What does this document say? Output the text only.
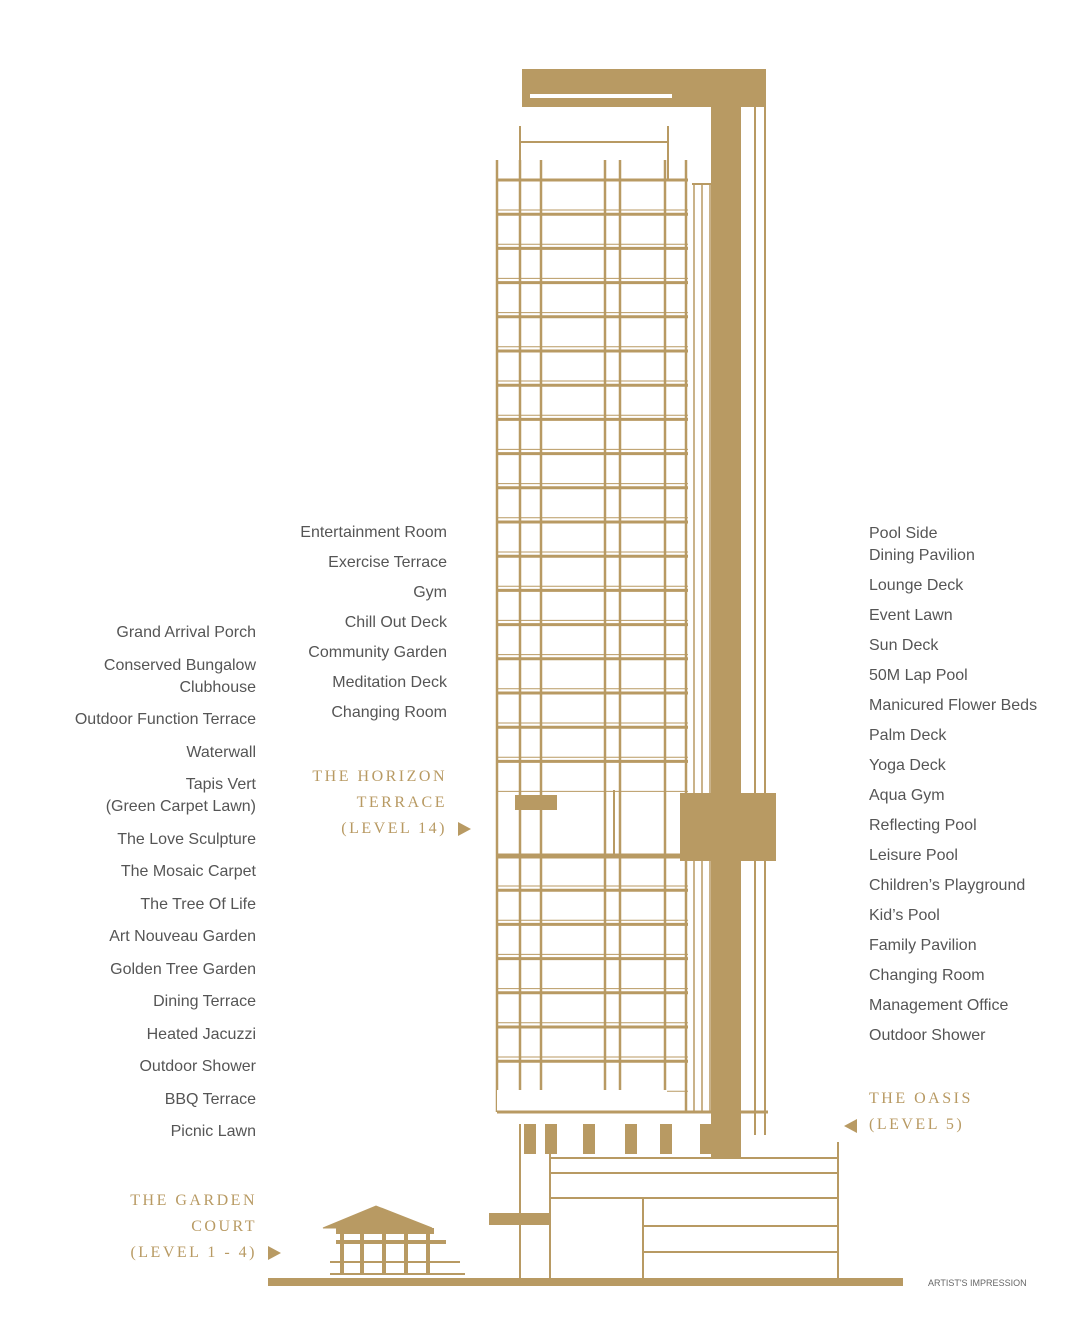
Entertainment Room
Exercise Terrace
Gym
Chill Out Deck
Community Garden
Meditation Deck
Changing Room
Grand Arrival Porch
Conserved Bungalow
Clubhouse
Outdoor Function Terrace
Waterwall
Tapis Vert
(Green Carpet Lawn)
The Love Sculpture
The Mosaic Carpet
The Tree Of Life
Art Nouveau Garden
Golden Tree Garden
Dining Terrace
Heated Jacuzzi
Outdoor Shower
BBQ Terrace
Picnic Lawn
Pool Side
Dining Pavilion
Lounge Deck
Event Lawn
Sun Deck
50M Lap Pool
Manicured Flower Beds
Palm Deck
Yoga Deck
Aqua Gym
Reflecting Pool
Leisure Pool
Children’s Playground
Kid’s Pool
Family Pavilion
Changing Room
Management Office
Outdoor Shower
THE HORIZON
TERRACE
(LEVEL 14)
THE OASIS
(LEVEL 5)
THE GARDEN
COURT
(LEVEL 1 - 4)
ARTIST'S IMPRESSION
